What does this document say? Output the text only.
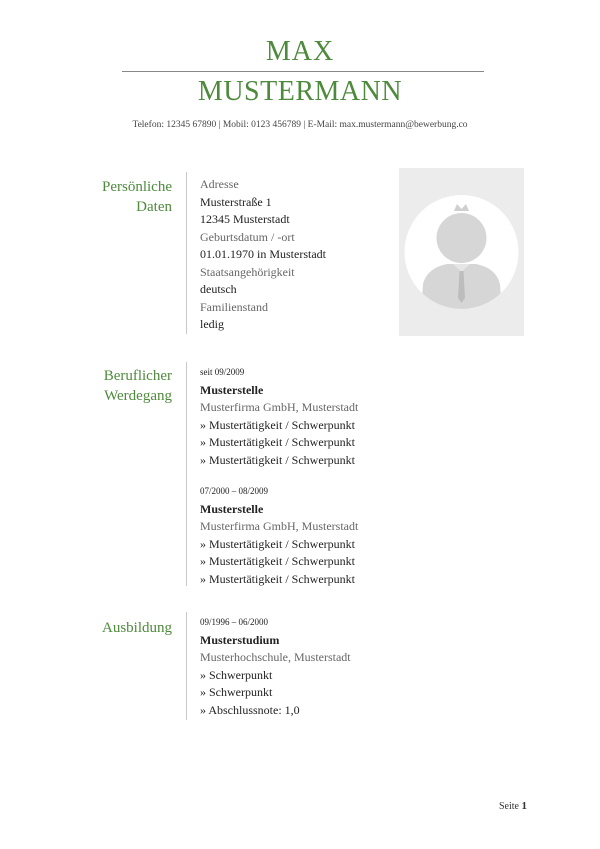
MAX
MUSTERMANN
Telefon: 12345 67890 | Mobil: 0123 456789 | E-Mail: max.mustermann@bewerbung.co
Persönliche
Daten
Adresse
Musterstraße 1
12345 Musterstadt
Geburtsdatum / -ort
01.01.1970 in Musterstadt
Staatsangehörigkeit
deutsch
Familienstand
ledig
Beruflicher
Werdegang
seit 09/2009
Musterstelle
Musterfirma GmbH, Musterstadt
» Mustertätigkeit / Schwerpunkt
» Mustertätigkeit / Schwerpunkt
» Mustertätigkeit / Schwerpunkt
07/2000 – 08/2009
Musterstelle
Musterfirma GmbH, Musterstadt
» Mustertätigkeit / Schwerpunkt
» Mustertätigkeit / Schwerpunkt
» Mustertätigkeit / Schwerpunkt
Ausbildung	09/1996 – 06/2000
Musterstudium
Musterhochschule, Musterstadt
» Schwerpunkt
» Schwerpunkt
» Abschlussnote: 1,0
Seite 1
